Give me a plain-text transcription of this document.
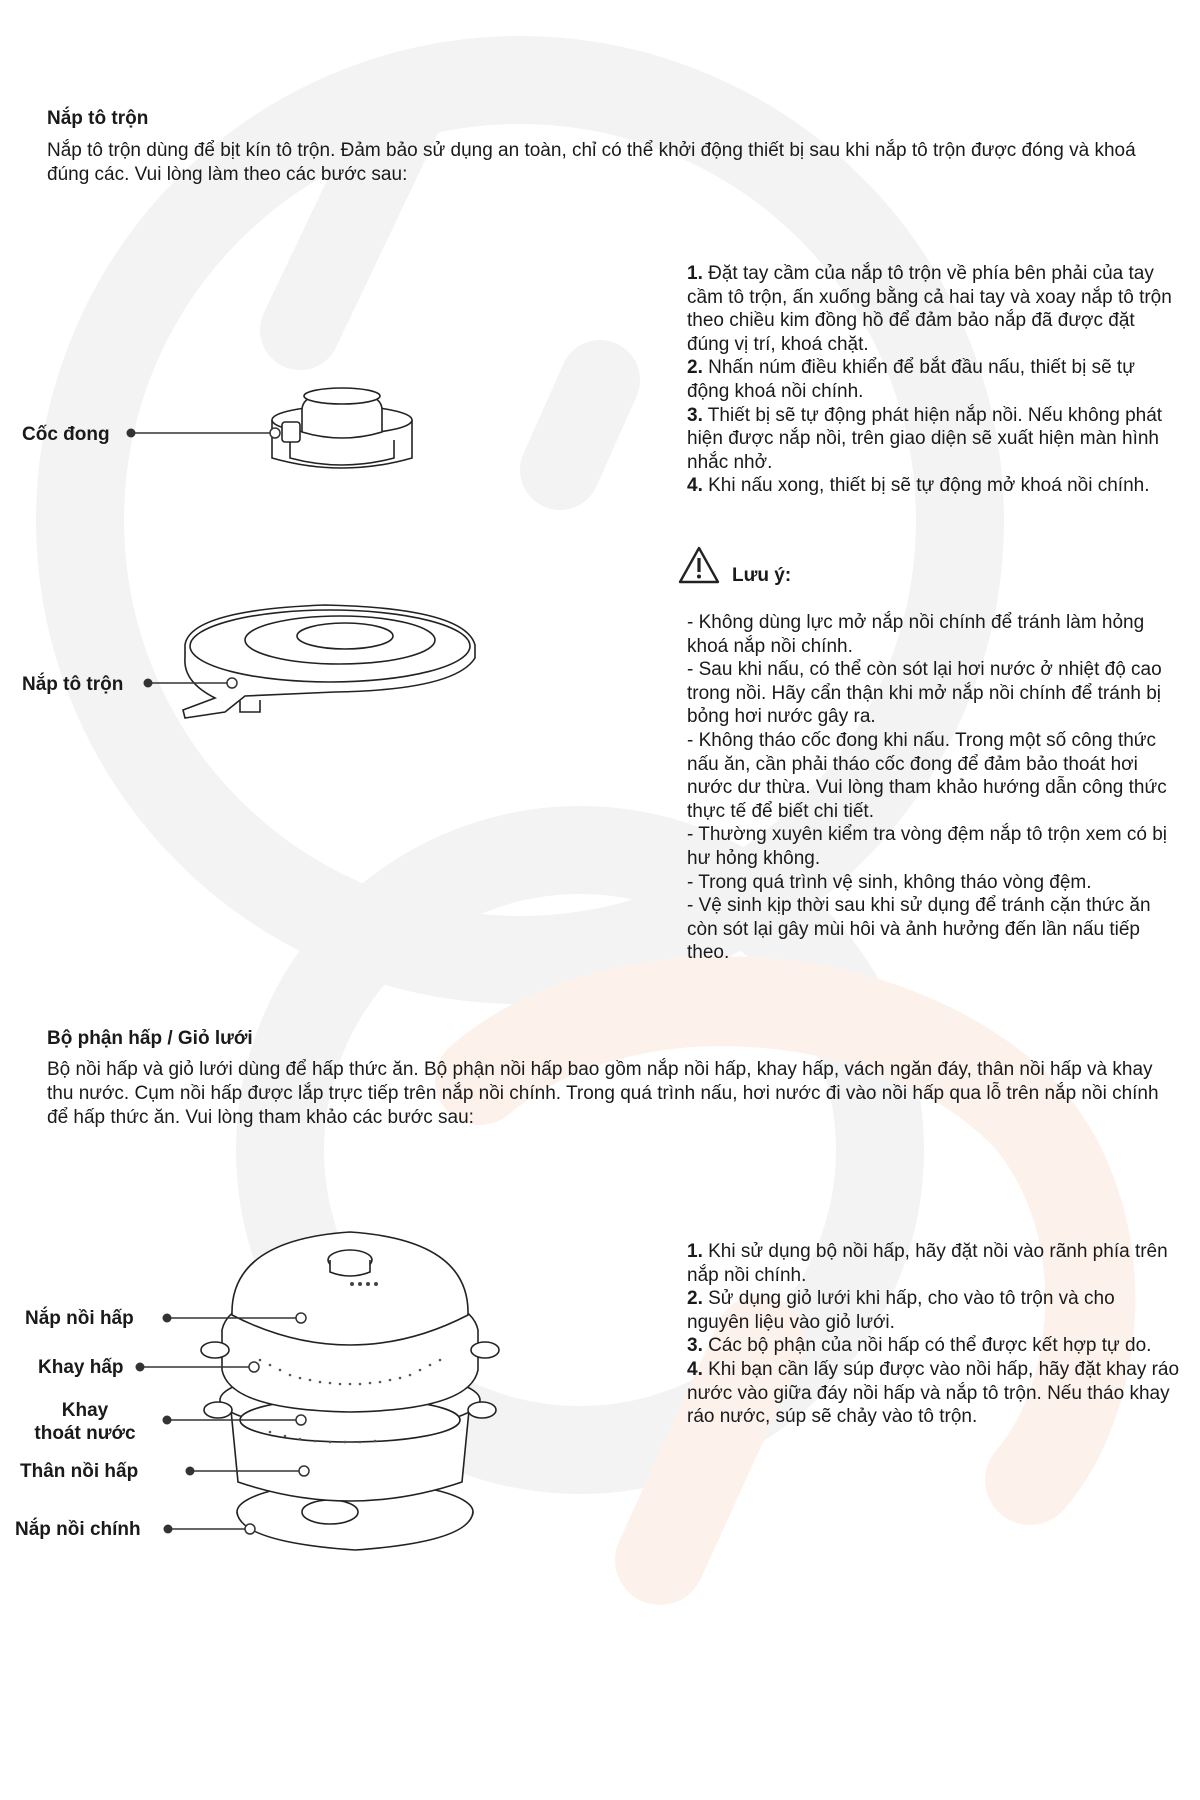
Nắp tô trộn
Nắp tô trộn dùng để bịt kín tô trộn. Đảm bảo sử dụng an toàn, chỉ có thể khởi động thiết bị sau khi nắp tô trộn được đóng và khoá đúng các. Vui lòng làm theo các bước sau:
Cốc đong
Nắp tô trộn

1. Đặt tay cầm của nắp tô trộn về phía bên phải của tay cầm tô trộn, ấn xuống bằng cả hai tay và xoay nắp tô trộn theo chiều kim đồng hồ để đảm bảo nắp đã được đặt đúng vị trí, khoá chặt.

2. Nhấn núm điều khiển để bắt đầu nấu, thiết bị sẽ tự động khoá nồi chính.

3. Thiết bị sẽ tự động phát hiện nắp nồi. Nếu không phát hiện được nắp nồi, trên giao diện sẽ xuất hiện màn hình nhắc nhở.

4. Khi nấu xong, thiết bị sẽ tự động mở khoá nồi chính.

Lưu ý:

- Không dùng lực mở nắp nồi chính để tránh làm hỏng khoá nắp nồi chính.

- Sau khi nấu, có thể còn sót lại hơi nước ở nhiệt độ cao trong nồi. Hãy cẩn thận khi mở nắp nồi chính để tránh bị bỏng hơi nước gây ra.

- Không tháo cốc đong khi nấu. Trong một số công thức nấu ăn, cần phải tháo cốc đong để đảm bảo thoát hơi nước dư thừa. Vui lòng tham khảo hướng dẫn công thức thực tế để biết chi tiết.

- Thường xuyên kiểm tra vòng đệm nắp tô trộn xem có bị hư hỏng không.

- Trong quá trình vệ sinh, không tháo vòng đệm.

- Vệ sinh kịp thời sau khi sử dụng để tránh cặn thức ăn còn sót lại gây mùi hôi và ảnh hưởng đến lần nấu tiếp theo.

Bộ phận hấp / Giỏ lưới
Bộ nồi hấp và giỏ lưới dùng để hấp thức ăn. Bộ phận nồi hấp bao gồm nắp nồi hấp, khay hấp, vách ngăn đáy, thân nồi hấp và khay thu nước. Cụm nồi hấp được lắp trực tiếp trên nắp nồi chính. Trong quá trình nấu, hơi nước đi vào nồi hấp qua lỗ trên nắp nồi chính để hấp thức ăn. Vui lòng tham khảo các bước sau:
Nắp nồi hấp
Khay hấp
Khay
thoát nước
Thân nồi hấp
Nắp nồi chính

1. Khi sử dụng bộ nồi hấp, hãy đặt nồi vào rãnh phía trên nắp nồi chính.

2. Sử dụng giỏ lưới khi hấp, cho vào tô trộn và cho nguyên liệu vào giỏ lưới.

3. Các bộ phận của nồi hấp có thể được kết hợp tự do.

4. Khi bạn cần lấy súp được vào nồi hấp, hãy đặt khay ráo nước vào giữa đáy nồi hấp và nắp tô trộn. Nếu tháo khay ráo nước, súp sẽ chảy vào tô trộn.
